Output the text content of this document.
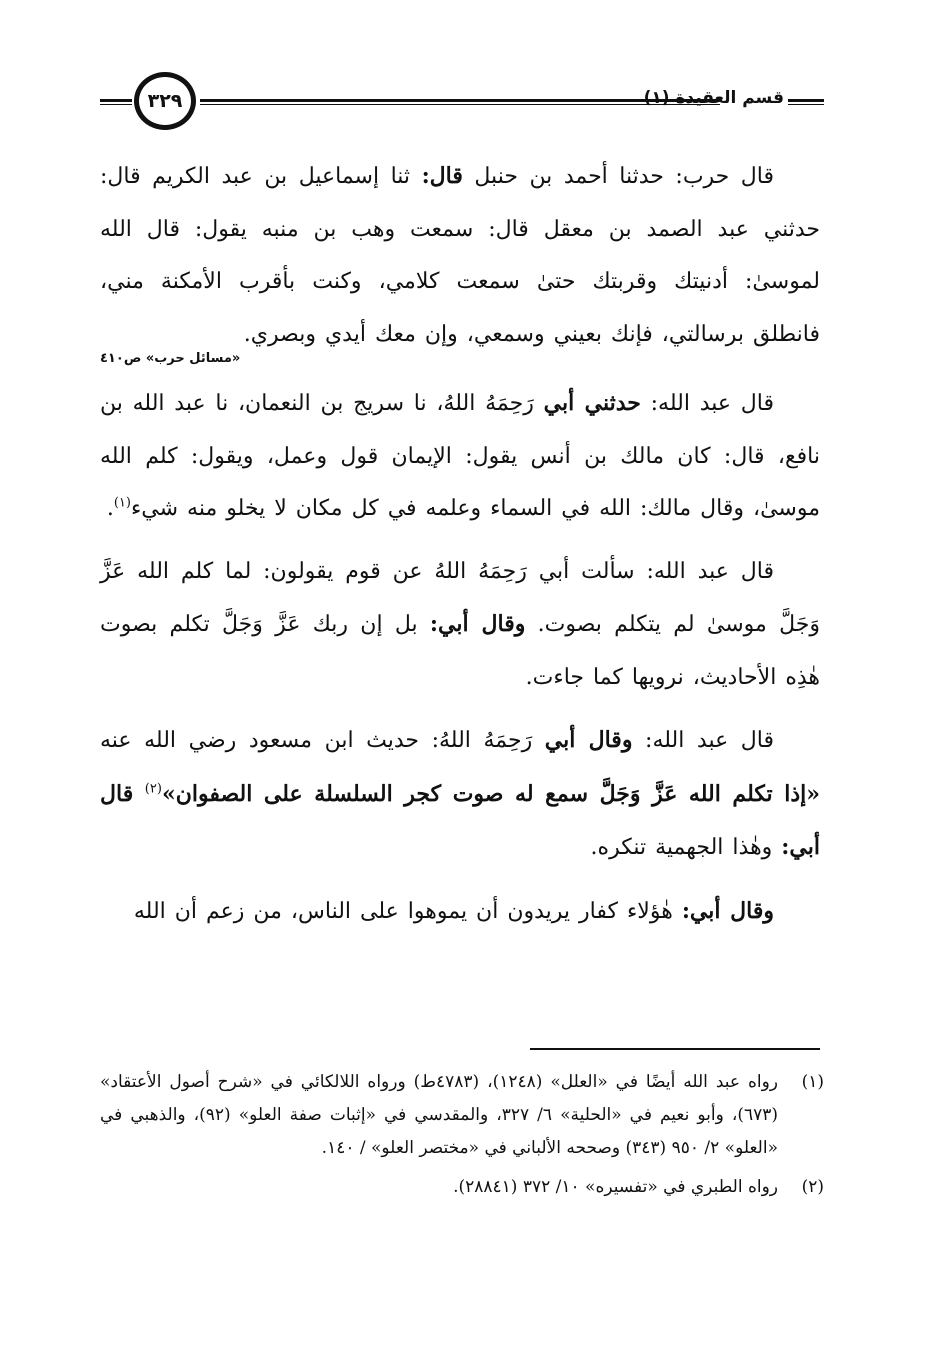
٣٢٩	قسم العقيدة (١)

قال حرب: حدثنا أحمد بن حنبل قال: ثنا إسماعيل بن عبد الكريم قال: حدثني عبد الصمد بن معقل قال: سمعت وهب بن منبه يقول: قال الله لموسىٰ: أدنيتك وقربتك حتىٰ سمعت كلامي، وكنت بأقرب الأمكنة مني، فانطلق برسالتي، فإنك بعيني وسمعي، وإن معك أيدي وبصري.

«مسائل حرب» ص٤١٠

قال عبد الله: حدثني أبي رَحِمَهُ اللهُ، نا سريج بن النعمان، نا عبد الله بن نافع، قال: كان مالك بن أنس يقول: الإيمان قول وعمل، ويقول: كلم الله موسىٰ، وقال مالك: الله في السماء وعلمه في كل مكان لا يخلو منه شيء$^{(١)}$.

قال عبد الله: سألت أبي رَحِمَهُ اللهُ عن قوم يقولون: لما كلم الله عَزَّ وَجَلَّ موسىٰ لم يتكلم بصوت. وقال أبي: بل إن ربك عَزَّ وَجَلَّ تكلم بصوت هٰذِه الأحاديث، نرويها كما جاءت.

قال عبد الله: وقال أبي رَحِمَهُ اللهُ: حديث ابن مسعود رضي الله عنه «إذا تكلم الله عَزَّ وَجَلَّ سمع له صوت كجر السلسلة على الصفوان»$^{(٢)}$ قال أبي: وهٰذا الجهمية تنكره.

وقال أبي: هٰؤلاء كفار يريدون أن يموهوا على الناس، من زعم أن الله

(١)
رواه عبد الله أيضًا في «العلل» (١٢٤٨)، (٤٧٨٣ط) ورواه اللالكائي في «شرح أصول الأعتقاد» (٦٧٣)، وأبو نعيم في «الحلية» ٦/ ٣٢٧، والمقدسي في «إثبات صفة العلو» (٩٢)، والذهبي في «العلو» ٢/ ٩٥٠ (٣٤٣) وصححه الألباني في «مختصر العلو» / ١٤٠.

(٢)
رواه الطبري في «تفسيره» ١٠/ ٣٧٢ (٢٨٨٤١).
